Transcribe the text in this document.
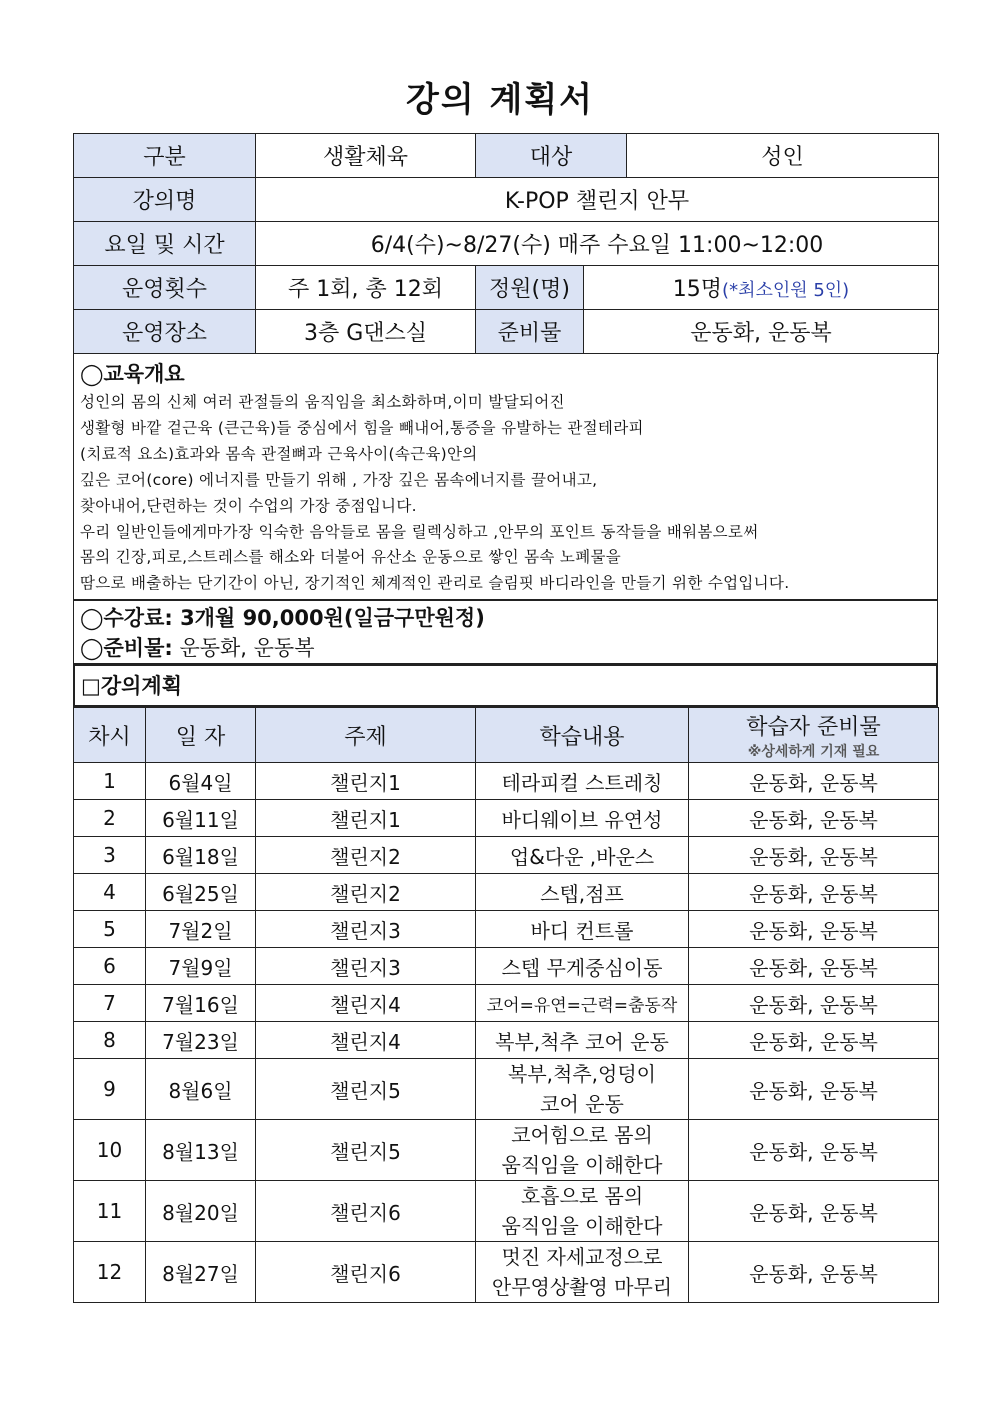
강의 계획서
구분	생활체육	대상		성인
강의명	K-POP 챌린지 안무			
요일 및 시간	6/4(수)~8/27(수) 매주 수요일 11:00~12:00			
운영횟수	주 1회, 총 12회	정원(명)	15명(*최소인원 5인)	
운영장소	3층 G댄스실	준비물	운동화, 운동복	
◯교육개요
성인의 몸의 신체 여러 관절들의 움직임을 최소화하며,이미 발달되어진
생활형 바깥 겉근육 (큰근육)들 중심에서 힘을 빼내어,통증을 유발하는 관절테라피
(치료적 요소)효과와 몸속 관절뼈과 근육사이(속근육)안의
깊은 코어(core) 에너지를 만들기 위해 , 가장 깊은 몸속에너지를 끌어내고,
찾아내어,단련하는 것이 수업의 가장 중점입니다.
우리 일반인들에게마가장 익숙한 음악들로 몸을 릴렉싱하고 ,안무의 포인트 동작들을 배워봄으로써
몸의 긴장,피로,스트레스를 해소와 더불어 유산소 운동으로 쌓인 몸속 노폐물을
땀으로 배출하는 단기간이 아닌, 장기적인 체계적인 관리로 슬림핏 바디라인을 만들기 위한 수업입니다.
◯수강료: 3개월 90,000원(일금구만원정)
◯준비물: 운동화, 운동복
□강의계획
차시	일 자	주제	학습내용	학습자 준비물
※상세하게 기재 필요

1	6월4일	챌린지1	테라피컬 스트레칭	운동화, 운동복
2	6월11일	챌린지1	바디웨이브 유연성	운동화, 운동복
3	6월18일	챌린지2	업&다운 ,바운스	운동화, 운동복
4	6월25일	챌린지2	스텝,점프	운동화, 운동복
5	7월2일	챌린지3	바디 컨트롤	운동화, 운동복
6	7월9일	챌린지3	스텝 무게중심이동	운동화, 운동복
7	7월16일	챌린지4	코어=유연=근력=춤동작	운동화, 운동복
8	7월23일	챌린지4	복부,척추 코어 운동	운동화, 운동복
9	8월6일	챌린지5	복부,척추,엉덩이
코어 운동	운동화, 운동복
10	8월13일	챌린지5	코어힘으로 몸의
움직임을 이해한다	운동화, 운동복
11	8월20일	챌린지6	호흡으로 몸의
움직임을 이해한다	운동화, 운동복
12	8월27일	챌린지6	멋진 자세교정으로
안무영상촬영 마무리	운동화, 운동복
